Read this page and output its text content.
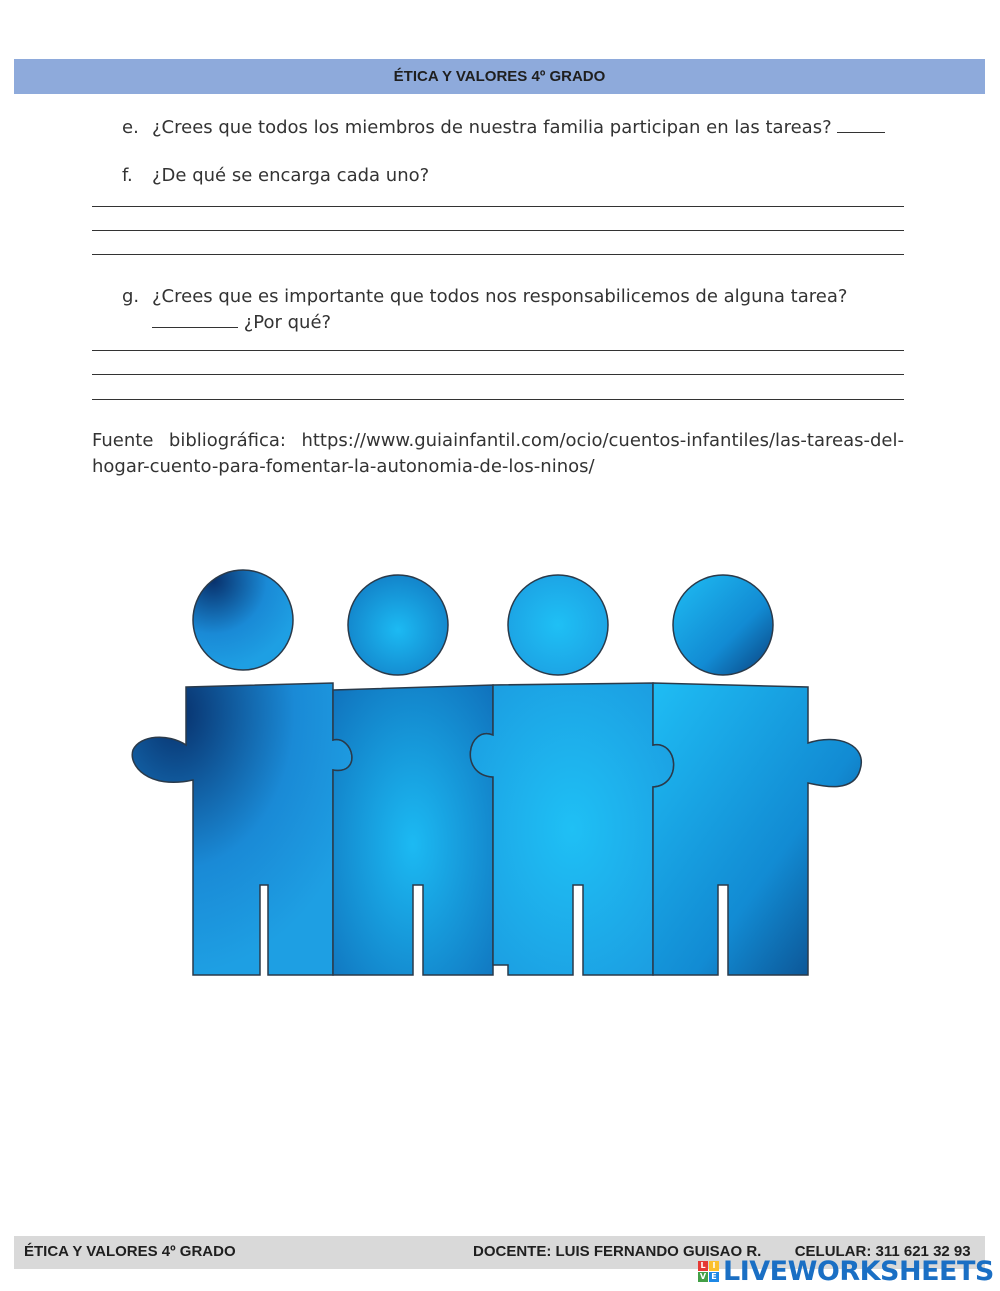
ÉTICA Y VALORES 4º GRADO
e. ¿Crees que todos los miembros de nuestra familia participan en las tareas?
f. ¿De qué se encarga cada uno?
g. ¿Crees que es importante que todos nos responsabilicemos de alguna tarea?
¿Por qué?
Fuente bibliográfica: https://www.guiainfantil.com/ocio/cuentos-infantiles/las-tareas-del-hogar-cuento-para-fomentar-la-autonomia-de-los-ninos/
ÉTICA Y VALORES 4º GRADO	DOCENTE: LUIS FERNANDO GUISAO R. CELULAR: 311 621 32 93
L I
V E LIVEWORKSHEETS
